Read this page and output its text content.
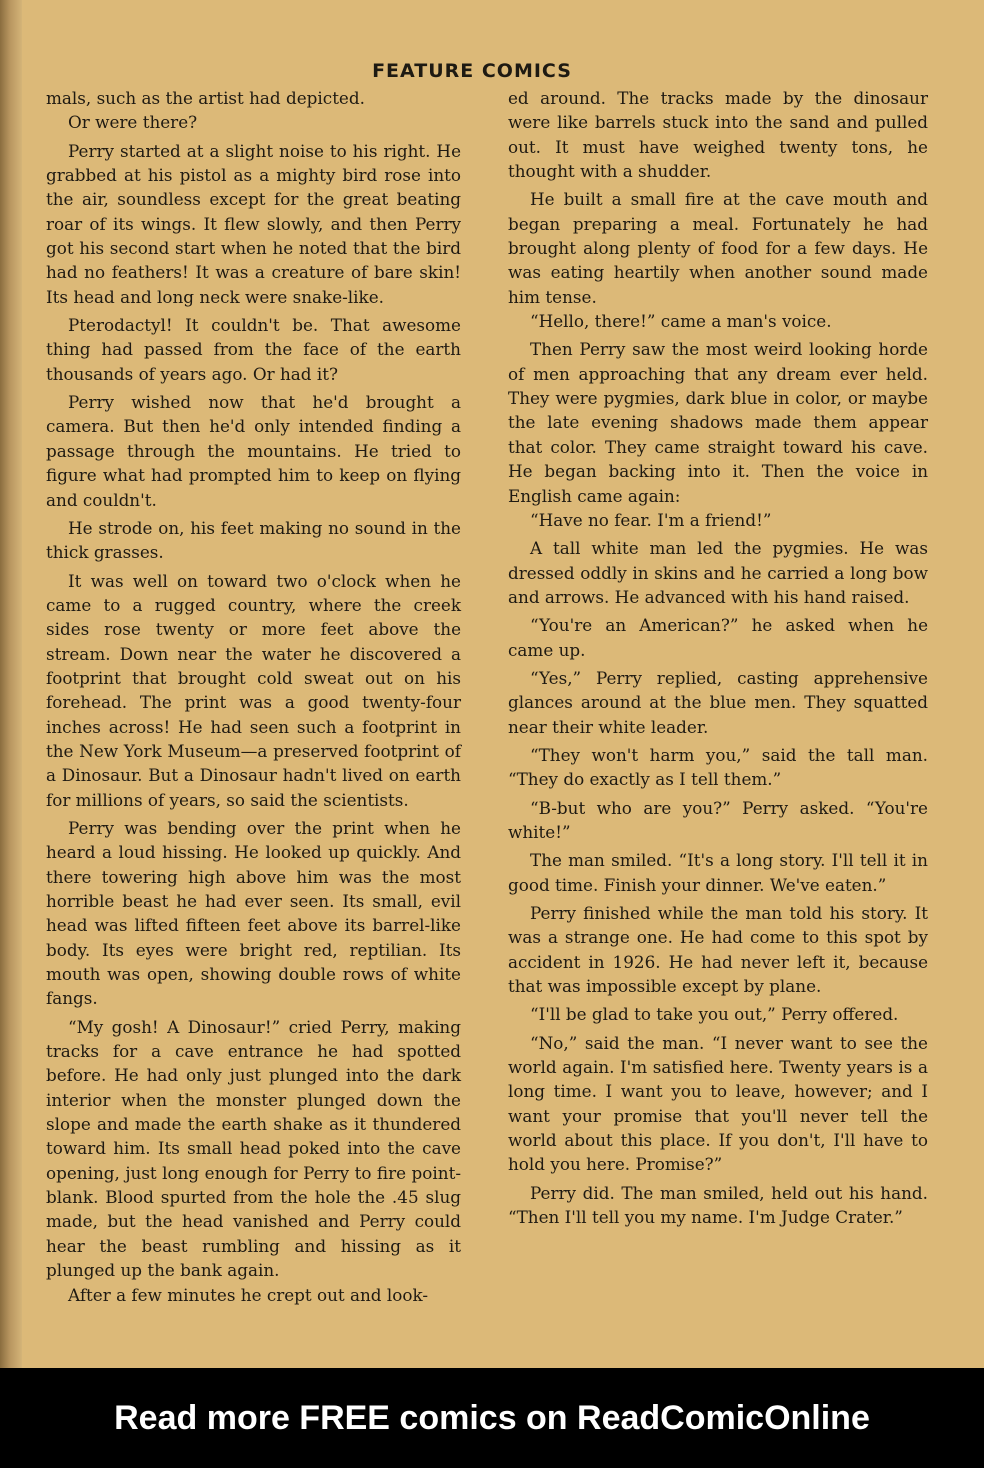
FEATURE COMICS

mals, such as the artist had depicted.

Or were there?

Perry started at a slight noise to his right. He grabbed at his pistol as a mighty bird rose into the air, soundless except for the great beating roar of its wings. It flew slowly, and then Perry got his second start when he noted that the bird had no feathers! It was a creature of bare skin! Its head and long neck were snake-like.

Pterodactyl! It couldn't be. That awesome thing had passed from the face of the earth thousands of years ago. Or had it?

Perry wished now that he'd brought a camera. But then he'd only intended finding a passage through the mountains. He tried to figure what had prompted him to keep on flying and couldn't.

He strode on, his feet making no sound in the thick grasses.

It was well on toward two o'clock when he came to a rugged country, where the creek sides rose twenty or more feet above the stream. Down near the water he discovered a footprint that brought cold sweat out on his forehead. The print was a good twenty-four inches across! He had seen such a footprint in the New York Museum—a preserved footprint of a Dinosaur. But a Dinosaur hadn't lived on earth for millions of years, so said the scientists.

Perry was bending over the print when he heard a loud hissing. He looked up quickly. And there towering high above him was the most horrible beast he had ever seen. Its small, evil head was lifted fifteen feet above its barrel-like body. Its eyes were bright red, reptilian. Its mouth was open, showing double rows of white fangs.

“My gosh! A Dinosaur!” cried Perry, making tracks for a cave entrance he had spotted before. He had only just plunged into the dark interior when the monster plunged down the slope and made the earth shake as it thundered toward him. Its small head poked into the cave opening, just long enough for Perry to fire point-blank. Blood spurted from the hole the .45 slug made, but the head vanished and Perry could hear the beast rumbling and hissing as it plunged up the bank again.

After a few minutes he crept out and look-

ed around. The tracks made by the dinosaur were like barrels stuck into the sand and pulled out. It must have weighed twenty tons, he thought with a shudder.

He built a small fire at the cave mouth and began preparing a meal. Fortunately he had brought along plenty of food for a few days. He was eating heartily when another sound made him tense.

“Hello, there!” came a man's voice.

Then Perry saw the most weird looking horde of men approaching that any dream ever held. They were pygmies, dark blue in color, or maybe the late evening shadows made them appear that color. They came straight toward his cave. He began backing into it. Then the voice in English came again:

“Have no fear. I'm a friend!”

A tall white man led the pygmies. He was dressed oddly in skins and he carried a long bow and arrows. He advanced with his hand raised.

“You're an American?” he asked when he came up.

“Yes,” Perry replied, casting apprehensive glances around at the blue men. They squatted near their white leader.

“They won't harm you,” said the tall man. “They do exactly as I tell them.”

“B-but who are you?” Perry asked. “You're white!”

The man smiled. “It's a long story. I'll tell it in good time. Finish your dinner. We've eaten.”

Perry finished while the man told his story. It was a strange one. He had come to this spot by accident in 1926. He had never left it, because that was impossible except by plane.

“I'll be glad to take you out,” Perry offered.

“No,” said the man. “I never want to see the world again. I'm satisfied here. Twenty years is a long time. I want you to leave, however; and I want your promise that you'll never tell the world about this place. If you don't, I'll have to hold you here. Promise?”

Perry did. The man smiled, held out his hand. “Then I'll tell you my name. I'm Judge Crater.”

Read more FREE comics on ReadComicOnline
